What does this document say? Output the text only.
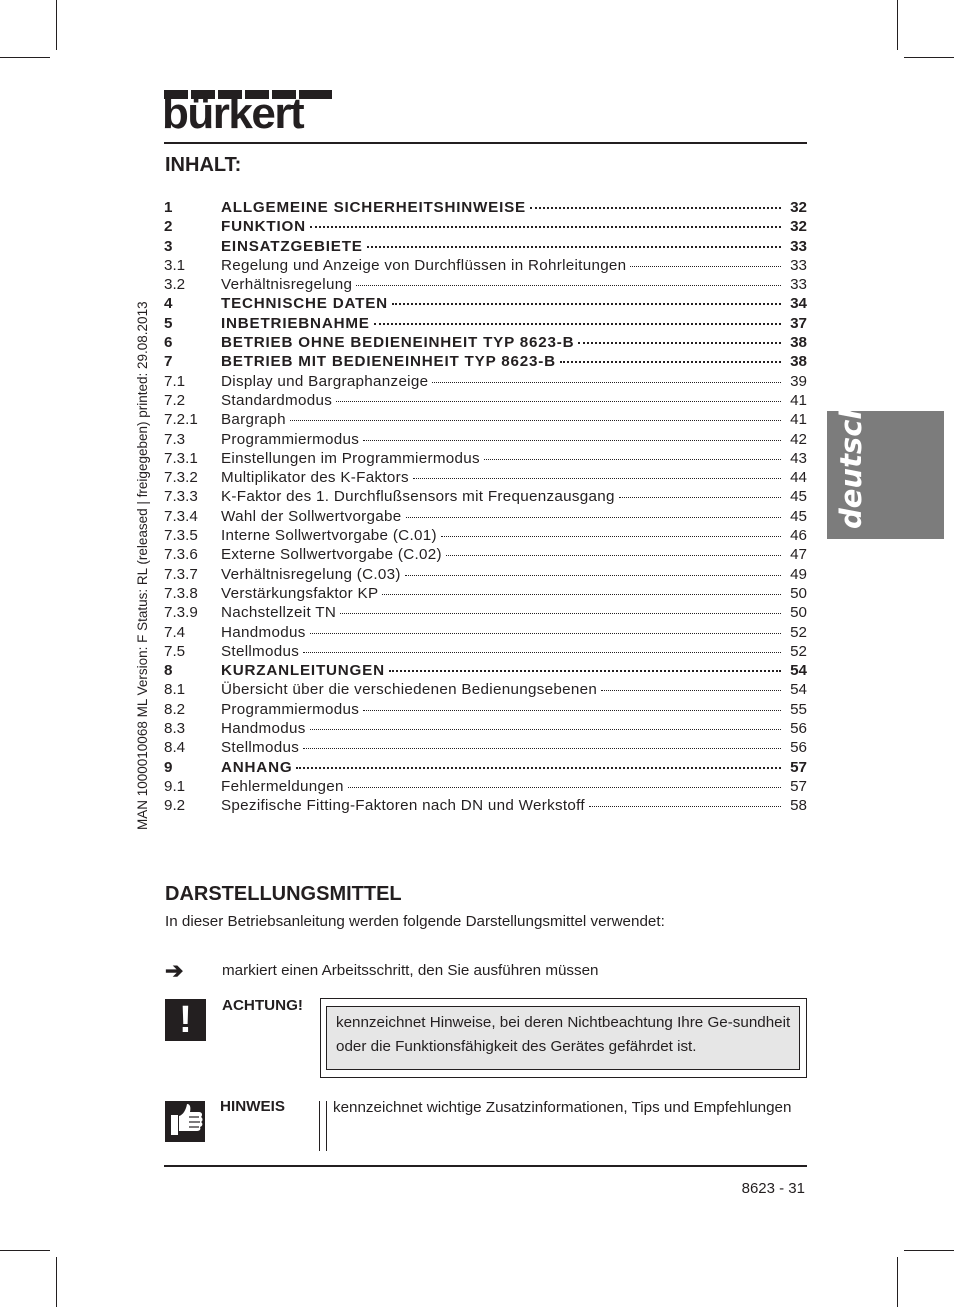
bürkert
INHALT:
MAN 1000010068 ML Version: F Status: RL (released | freigegeben) printed: 29.08.2013	deutsch
1	ALLGEMEINE SICHERHEITSHINWEISE	32
2	FUNKTION	32
3	EINSATZGEBIETE	33
3.1	Regelung und Anzeige von Durchflüssen in Rohrleitungen	33
3.2	Verhältnisregelung	33
4	TECHNISCHE DATEN	34
5	INBETRIEBNAHME	37
6	BETRIEB OHNE BEDIENEINHEIT TYP 8623-B	38
7	BETRIEB MIT BEDIENEINHEIT TYP 8623-B	38
7.1	Display und Bargraphanzeige	39
7.2	Standardmodus	41
7.2.1	Bargraph	41
7.3	Programmiermodus	42
7.3.1	Einstellungen im Programmiermodus	43
7.3.2	Multiplikator des K-Faktors	44
7.3.3	K-Faktor des 1. Durchflußsensors mit Frequenzausgang	45
7.3.4	Wahl der Sollwertvorgabe	45
7.3.5	Interne Sollwertvorgabe (C.01)	46
7.3.6	Externe Sollwertvorgabe (C.02)	47
7.3.7	Verhältnisregelung (C.03)	49
7.3.8	Verstärkungsfaktor KP	50
7.3.9	Nachstellzeit TN	50
7.4	Handmodus	52
7.5	Stellmodus	52
8	KURZANLEITUNGEN	54
8.1	Übersicht über die verschiedenen Bedienungsebenen	54
8.2	Programmiermodus	55
8.3	Handmodus	56
8.4	Stellmodus	56
9	ANHANG	57
9.1	Fehlermeldungen	57
9.2	Spezifische Fitting-Faktoren nach DN und Werkstoff	58
DARSTELLUNGSMITTEL
In dieser Betriebsanleitung werden folgende Darstellungsmittel verwendet:
➔	markiert einen Arbeitsschritt, den Sie ausführen müssen
!	ACHTUNG!
kennzeichnet Hinweise, bei deren Nichtbeachtung Ihre Ge-sundheit oder die Funktionsfähigkeit des Gerätes gefährdet ist.
HINWEIS	kennzeichnet wichtige Zusatzinformationen, Tips und Empfehlungen
8623 - 31
